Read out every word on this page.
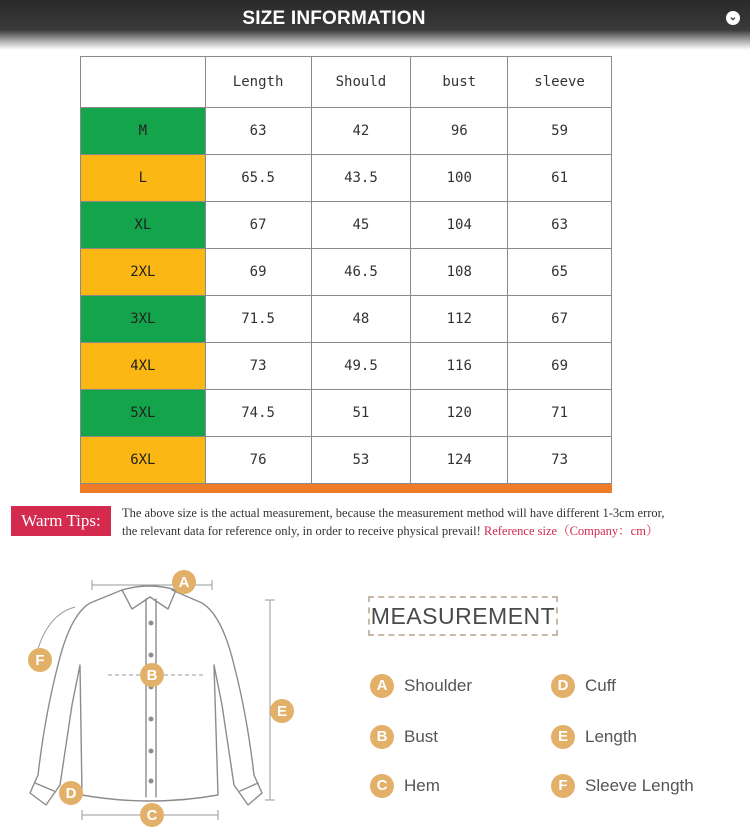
SIZE INFORMATION	⌄
	Length	Should	bust	sleeve
M	63	42	96	59
L	65.5	43.5	100	61
XL	67	45	104	63
2XL	69	46.5	108	65
3XL	71.5	48	112	67
4XL	73	49.5	116	69
5XL	74.5	51	120	71
6XL	76	53	124	73
Warm Tips:	The above size is the actual measurement, because the measurement method will have different 1-3cm error,
the relevant data for reference only, in order to receive physical prevail! Reference size（Company：cm）
A
B
C
D
E
F
MEASUREMENT
A Shoulder
B Bust
C Hem
D Cuff
E	Length
F	Sleeve Length
